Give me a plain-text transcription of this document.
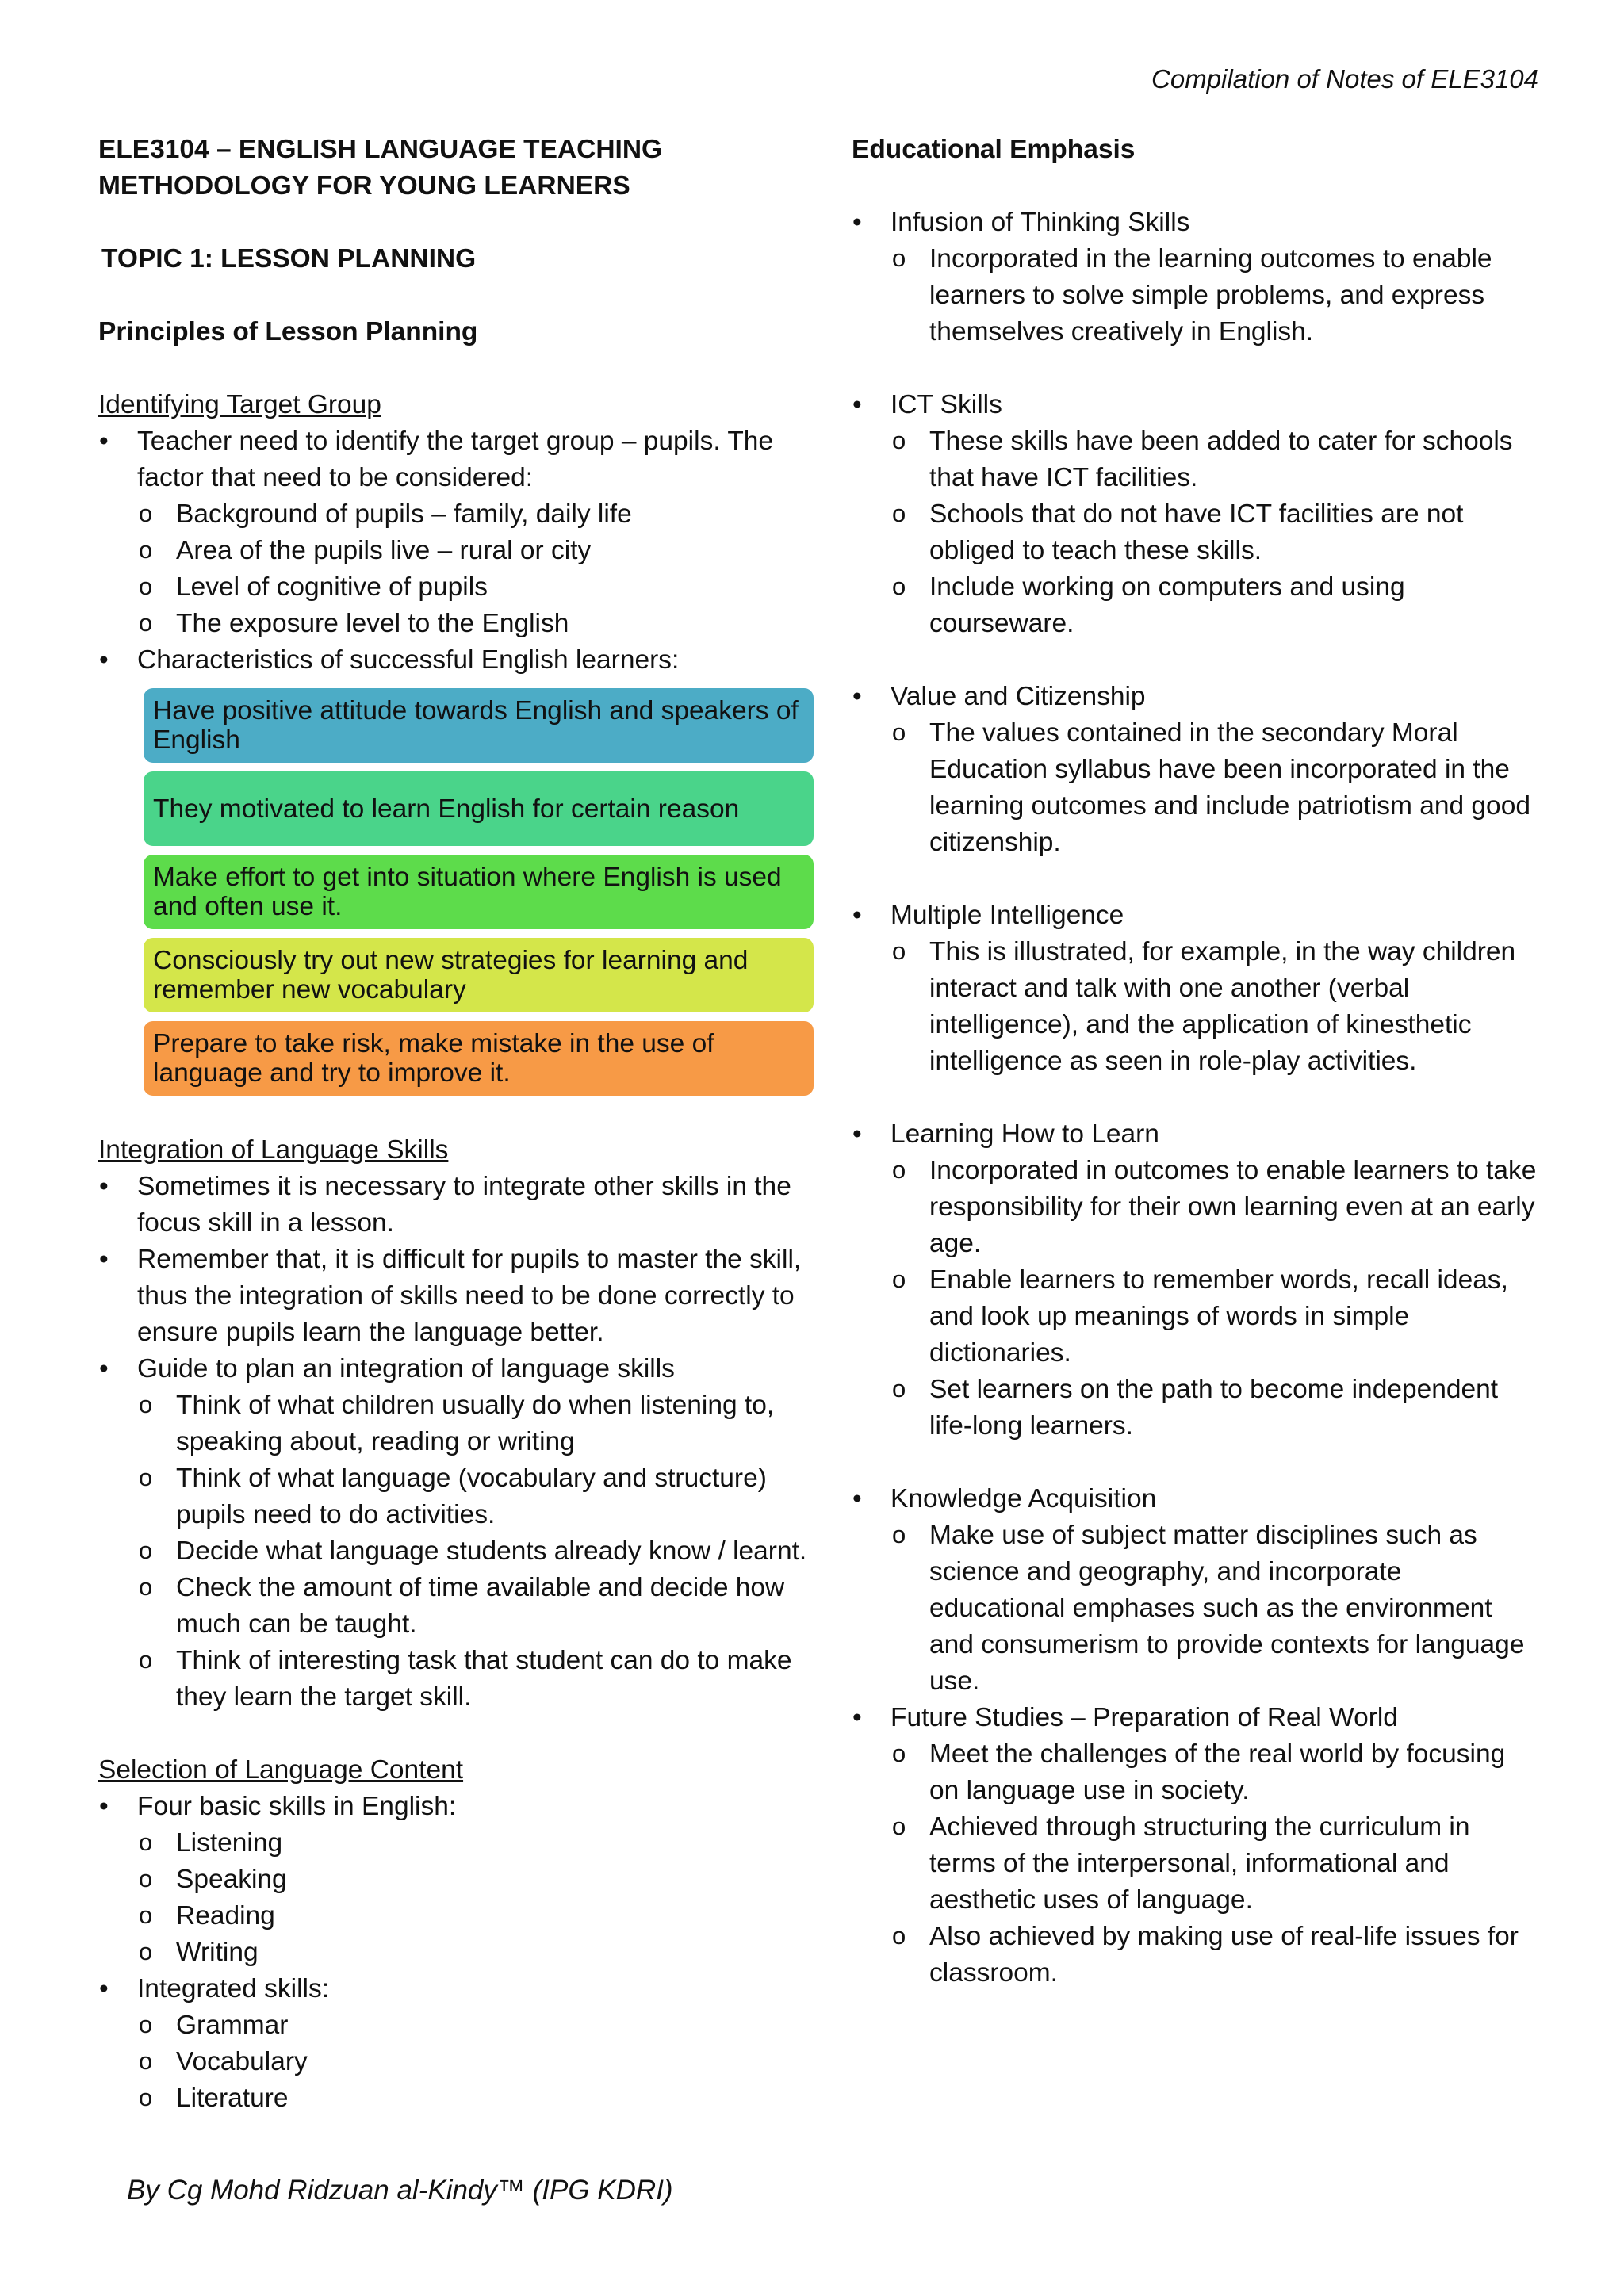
Compilation of Notes of ELE3104

ELE3104 – ENGLISH LANGUAGE TEACHING
METHODOLOGY FOR YOUNG LEARNERS

TOPIC 1: LESSON PLANNING
Principles of Lesson Planning
Identifying Target Group
• Teacher need to identify the target group – pupils. The factor that need to be considered:
o Background of pupils – family, daily life
o Area of the pupils live – rural or city
o Level of cognitive of pupils
o The exposure level to the English
• Characteristics of successful English learners:
Have positive attitude towards English and speakers of English
They motivated to learn English for certain reason
Make effort to get into situation where English is used and often use it.
Consciously try out new strategies for learning and remember new vocabulary
Prepare to take risk, make mistake in the use of language and try to improve it.
Integration of Language Skills
• Sometimes it is necessary to integrate other skills in the focus skill in a lesson.
• Remember that, it is difficult for pupils to master the skill, thus the integration of skills need to be done correctly to ensure pupils learn the language better.
• Guide to plan an integration of language skills
o Think of what children usually do when listening to, speaking about, reading or writing
o Think of what language (vocabulary and structure) pupils need to do activities.
o Decide what language students already know / learnt.
o Check the amount of time available and decide how much can be taught.
o Think of interesting task that student can do to make they learn the target skill.
Selection of Language Content
• Four basic skills in English:
o Listening
o Speaking
o Reading
o Writing
• Integrated skills:
o Grammar
o Vocabulary
o Literature
Educational Emphasis
• Infusion of Thinking Skills
o Incorporated in the learning outcomes to enable learners to solve simple problems, and express themselves creatively in English.
• ICT Skills
o These skills have been added to cater for schools that have ICT facilities.
o Schools that do not have ICT facilities are not obliged to teach these skills.
o Include working on computers and using courseware.
• Value and Citizenship
o The values contained in the secondary Moral Education syllabus have been incorporated in the learning outcomes and include patriotism and good citizenship.
• Multiple Intelligence
o This is illustrated, for example, in the way children interact and talk with one another (verbal intelligence), and the application of kinesthetic intelligence as seen in role-play activities.
• Learning How to Learn
o Incorporated in outcomes to enable learners to take responsibility for their own learning even at an early age.
o Enable learners to remember words, recall ideas, and look up meanings of words in simple dictionaries.
o Set learners on the path to become independent life-long learners.
• Knowledge Acquisition
o Make use of subject matter disciplines such as science and geography, and incorporate educational emphases such as the environment and consumerism to provide contexts for language use.
• Future Studies – Preparation of Real World
o Meet the challenges of the real world by focusing on language use in society.
o Achieved through structuring the curriculum in terms of the interpersonal, informational and aesthetic uses of language.
o Also achieved by making use of real-life issues for classroom.
By Cg Mohd Ridzuan al-Kindy™ (IPG KDRI)
